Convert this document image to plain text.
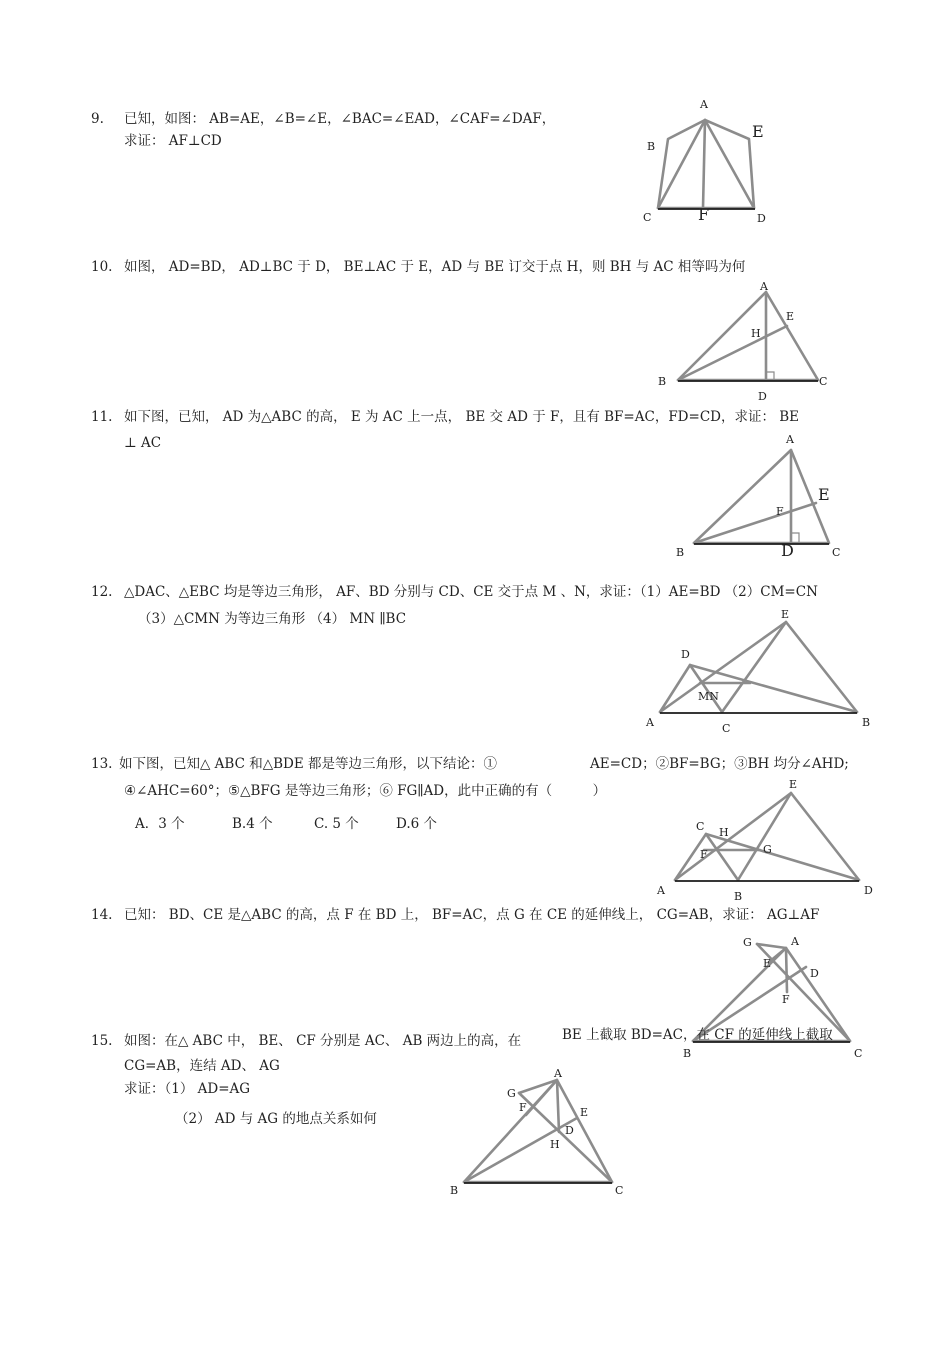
9. 已知，如图： AB=AE，∠B=∠E，∠BAC=∠EAD，∠CAF=∠DAF，
求证： AF⊥CD
A
B
E
C	F	D
A
E
H
B	C
D
A
E
F
B	D	C
E
D
MN
A	C	B
E
C H
G
F
A	B	D
G	A
E
D
F
B	C
A
G
F	E
D
H
B	C
10. 如图， AD=BD， AD⊥BC 于 D， BE⊥AC 于 E，AD 与 BE 订交于点 H，则 BH 与 AC 相等吗为何
11. 如下图，已知， AD 为△ABC 的高， E 为 AC 上一点， BE 交 AD 于 F，且有 BF=AC，FD=CD，求证： BE
⊥ AC
12. △DAC、△EBC 均是等边三角形， AF、BD 分别与 CD、CE 交于点 M 、N，求证：（1）AE=BD （2）CM=CN
（3）△CMN 为等边三角形 （4） MN ∥BC
13. 如下图，已知△ ABC 和△BDE 都是等边三角形，以下结论：①	AE=CD；②BF=BG；③BH 均分∠AHD;
④∠AHC=60°；⑤△BFG 是等边三角形；⑥ FG∥AD，此中正确的有（　　　）
A．3 个	B.4 个	C. 5 个	D.6 个
14. 已知： BD、CE 是△ABC 的高，点 F 在 BD 上， BF=AC，点 G 在 CE 的延伸线上， CG=AB，求证： AG⊥AF
15. 如图：在△ ABC 中， BE、 CF 分别是 AC、 AB 两边上的高，在	BE 上截取 BD=AC，在 CF 的延伸线上截取
CG=AB，连结 AD、 AG
求证：（1） AD=AG
（2） AD 与 AG 的地点关系如何
